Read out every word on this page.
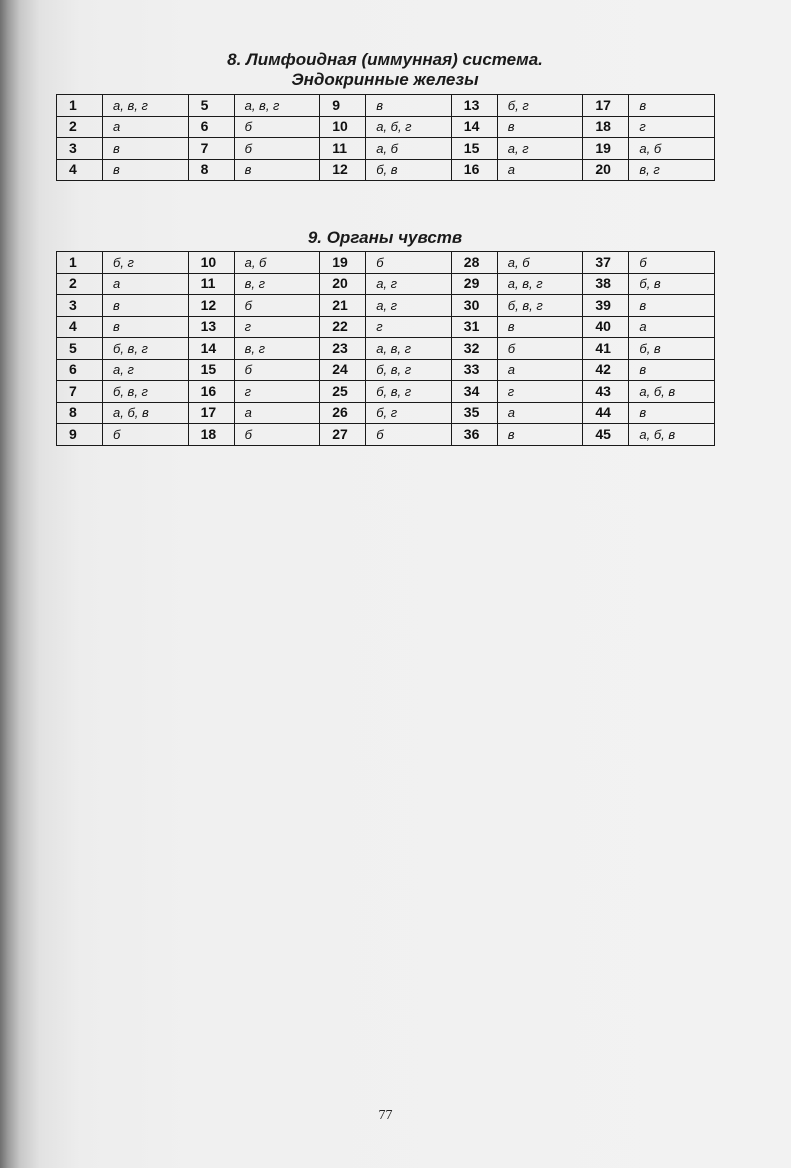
8. Лимфоидная (иммунная) система.
Эндокринные железы
1	а, в, г	5	а, в, г	9	в	13	б, г	17	в
2	а	6	б	10	а, б, г	14	в	18	г
3	в	7	б	11	а, б	15	а, г	19	а, б
4	в	8	в	12	б, в	16	а	20	в, г
9. Органы чувств
1	б, г	10	а, б	19	б	28	а, б	37	б
2	а	11	в, г	20	а, г	29	а, в, г	38	б, в
3	в	12	б	21	а, г	30	б, в, г	39	в
4	в	13	г	22	г	31	в	40	а
5	б, в, г	14	в, г	23	а, в, г	32	б	41	б, в
6	а, г	15	б	24	б, в, г	33	а	42	в
7	б, в, г	16	г	25	б, в, г	34	г	43	а, б, в
8	а, б, в	17	а	26	б, г	35	а	44	в
9	б	18	б	27	б	36	в	45	а, б, в
77
